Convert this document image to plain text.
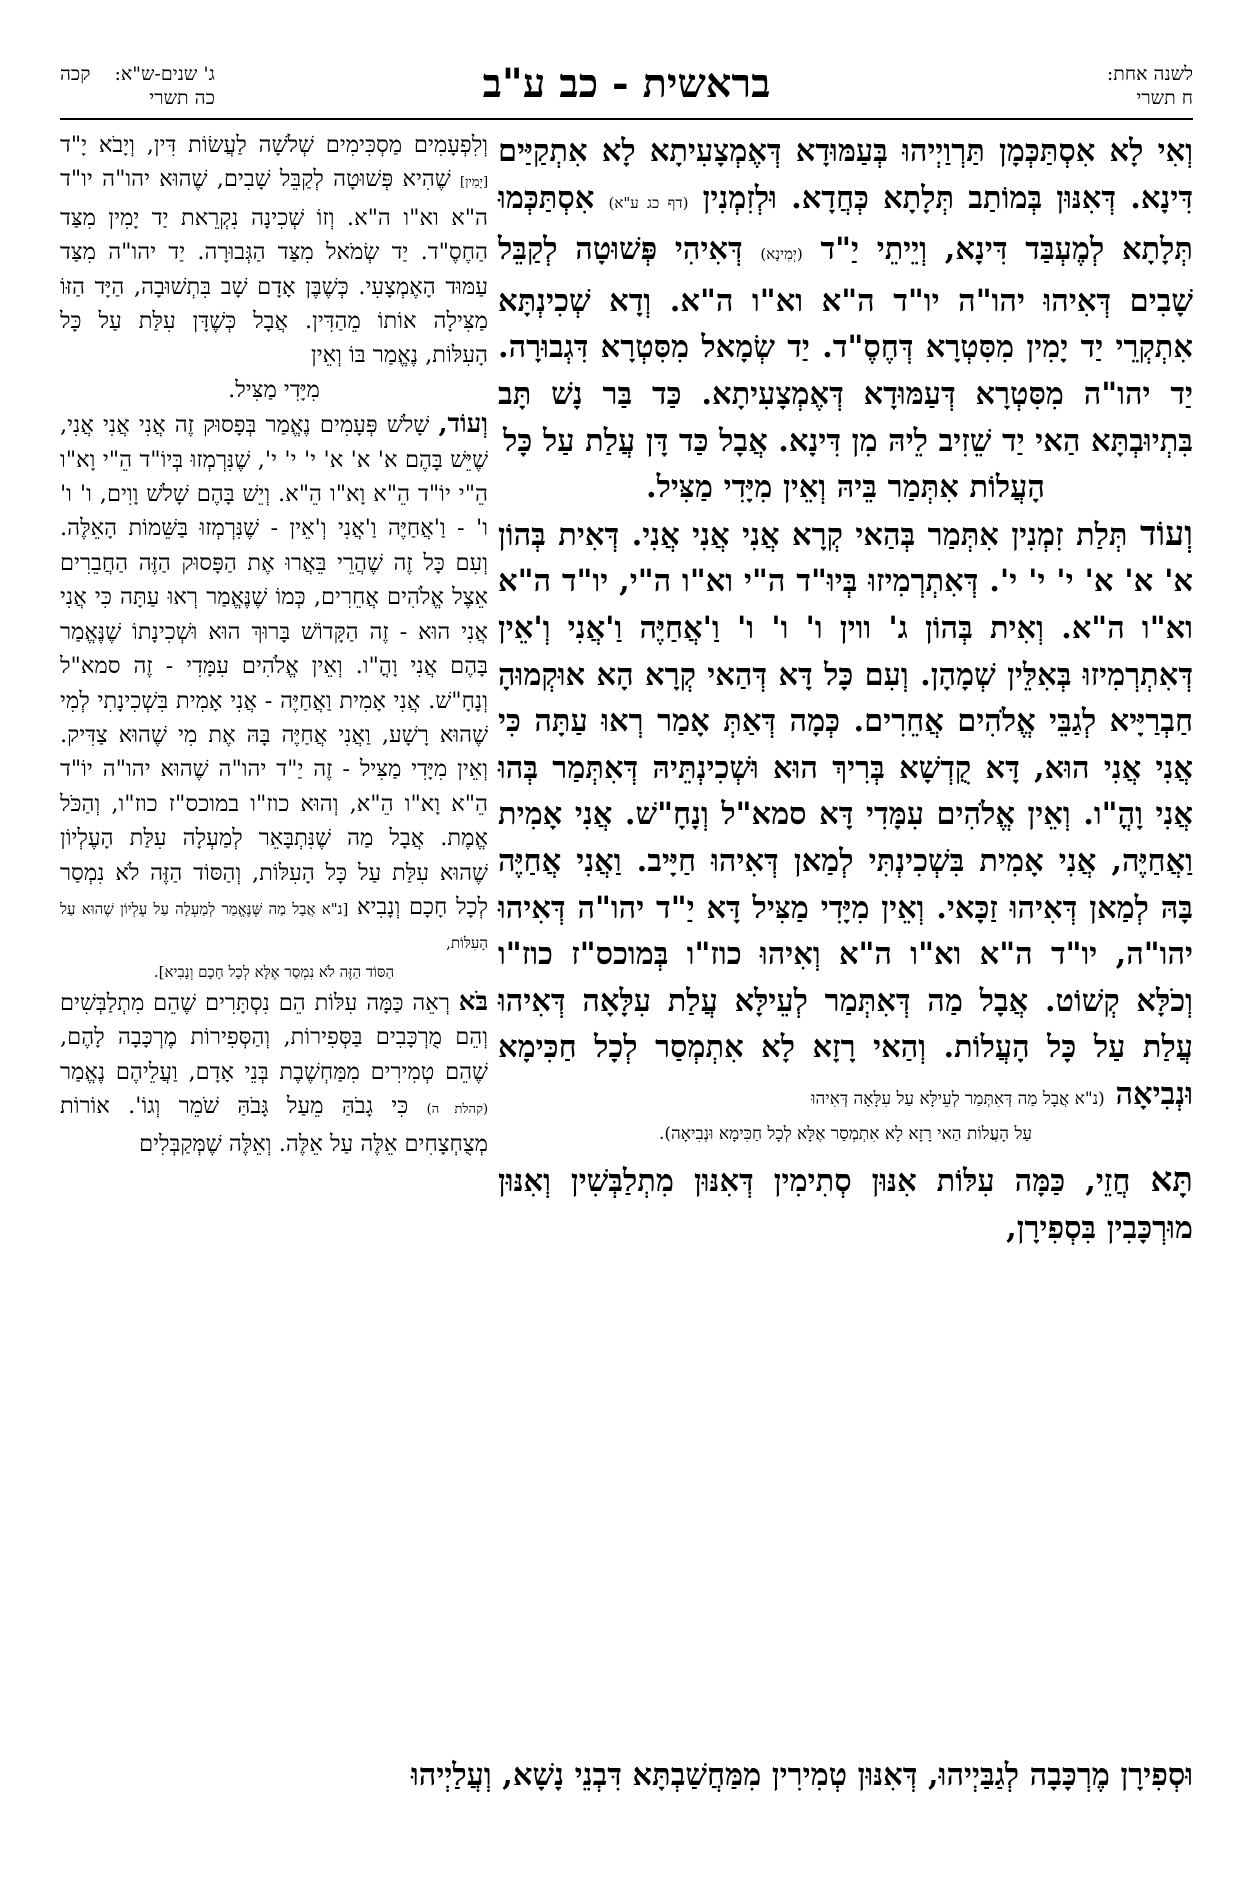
לשנה אחת:
ח תשרי
בראשית - כב ע"ב
ג' שנים-ש"א: קכה
כה תשרי

וְאִי לָא אִסְתַּכְּמָן תַּרְוַיְיהוּ בְּעַמּוּדָא דְּאֶמְצָעִיתָא לָא אִתְקַיַּים דִּינָא. דְּאִנּוּן בְּמוֹתַב תְּלָתָא כְּחֲדָא. וּלְזִמְנִין (דף כג ע"א) אִסְתַּכְּמוּ תְּלָתָא לְמֶעְבַּד דִּינָא, וְיֵיתֵי יַ"ד (יְמִינָא) דְּאִיהִי פְּשׁוּטָה לְקַבֵּל שָׁבִים דְּאִיהוּ יהו"ה יו"ד ה"א וא"ו ה"א. וְדָא שְׁכִינְתָּא אִתְקְרֵי יַד יָמִין מִסִּטְרָא דְּחֶסֶ"ד. יַד שְׂמָאל מִסִּטְרָא דִּגְבוּרָה. יַד יהו"ה מִסִּטְרָא דְּעַמּוּדָא דְּאֶמְצָעִיתָא. כַּד בַּר נָשׁ תָּב בִּתְיוּבְתָּא הַאי יַד שֵׁזִיב לֵיהּ מִן דִּינָא. אֲבָל כַּד דָּן עֲלַת עַל כָּל

הָעֲלוֹת אִתְּמַר בֵּיהּ וְאֵין מִיָּדִי מַצִּיל.

וְעוֹד תְּלַת זִמְנִין אִתְּמַר בְּהַאי קְרָא אֲנִי אֲנִי אֲנִי. דְּאִית בְּהוֹן א' א' א' י' י' י'. דְּאִתְרְמִיזוּ בְּיוּ"ד ה"י וא"ו ה"י, יו"ד ה"א וא"ו ה"א. וְאִית בְּהוֹן ג' ווין ו' ו' ו' וַ'אֲחַיֶּה וַ'אֲנִי וְ'אֵין דְּאִתְרְמִיזוּ בְּאִלֵּין שְׁמָהָן. וְעִם כָּל דָּא דְּהַאי קְרָא הָא אוּקְמוּהָ חַבְרַיָּיא לְגַבֵּי אֱלֹהִים אֲחֵרִים. כְּמָה דְּאַתְּ אָמַר רְאוּ עַתָּה כִּי אֲנִי אֲנִי הוּא, דָּא קֻדְשָׁא בְּרִיךְ הוּא וּשְׁכִינְתֵּיהּ דְּאִתְּמַר בְּהוּ אֲנִי וָהֳ"ו. וְאֵין אֱלֹהִים עִמָּדִי דָּא סמא"ל וְנָחָ"שׁ. אֲנִי אָמִית וַאֲחַיֶּה, אֲנִי אָמִית בִּשְׁכִינְתִּי לְמַאן דְּאִיהוּ חַיָּיב. וַאֲנִי אֲחַיֶּה בָּהּ לְמַאן דְּאִיהוּ זַכָּאי. וְאֵין מִיָּדִי מַצִּיל דָּא יַ"ד יהו"ה דְּאִיהוּ יהו"ה, יו"ד ה"א וא"ו ה"א וְאִיהוּ כוז"ו בְּמוכס"ז כוז"ו וְכֹלָּא קְשׁוֹט. אֲבָל מַה דְּאִתְּמַר לְעֵילָּא עֲלַת עִלָּאָה דְּאִיהוּ עֲלַת עַל כָּל הָעֲלוֹת. וְהַאי רָזָא לָא אִתְמְסַר לְכָל חַכִּימָא וּנְבִיאָה (נ"א אֲבָל מַה דְּאִתְּמַר לְעֵילָּא עַל עִלָּאָה דְּאִיהוּ

עַל הָעֲלוֹת הַאי רָזָא לָא אִתְמְסַר אֶלָּא לְכָל חַכִּימָא וּנְבִיאָה).

תָּא חֲזֵי, כַּמָּה עִלּוֹת אִנּוּן סְתִימִין דְּאִנּוּן מִתְלַבְּשִׁין וְאִנּוּן מוּרְכָּבִין בִּסְפִירָן,

וְלִפְעָמִים מַסְכִּימִים שְׁלֹשָׁה לַעֲשׂוֹת דִּין, וְיָבֹא יָ"ד [יָמִין] שֶׁהִיא פְּשׁוּטָה לְקַבֵּל שָׁבִים, שֶׁהוּא יהו"ה יו"ד ה"א וא"ו ה"א. וְזוֹ שְׁכִינָה נִקְרֵאת יַד יָמִין מִצַּד הַחֶסֶ"ד. יַד שְׂמֹאל מִצַּד הַגְּבוּרָה. יַד יהו"ה מִצַּד עַמּוּד הָאֶמְצָעִי. כְּשֶׁבֶּן אָדָם שָׁב בִּתְשׁוּבָה, הַיָּד הַזּוֹ מַצִּילָה אוֹתוֹ מֵהַדִּין. אֲבָל כְּשֶׁדָּן עִלַּת עַל כָּל הָעִלּוֹת, נֶאֱמַר בּוֹ וְאֵין

מִיָּדִי מַצִּיל.

וְעוֹד, שָׁלֹשׁ פְּעָמִים נֶאֱמַר בְּפָסוּק זֶה אֲנִי אֲנִי אֲנִי, שֶׁיֵּשׁ בָּהֶם א' א' א' י' י' י', שֶׁנִּרְמְזוּ בְּיוֹ"ד הֵ"י וָא"ו הֵ"י יוֹ"ד הֵ"א וָא"ו הֵ"א. וְיֵשׁ בָּהֶם שָׁלֹשׁ וָוִים, ו' ו' ו' - וַ'אֲחַיֶּה וַ'אֲנִי וְ'אֵין - שֶׁנִּרְמְזוּ בַּשֵּׁמוֹת הָאֵלֶּה. וְעִם כָּל זֶה שֶׁהֲרֵי בֵּאֲרוּ אֶת הַפָּסוּק הַזֶּה הַחֲבֵרִים אֵצֶל אֱלֹהִים אֲחֵרִים, כְּמוֹ שֶׁנֶּאֱמַר רְאוּ עַתָּה כִּי אֲנִי אֲנִי הוּא - זֶה הַקָּדוֹשׁ בָּרוּךְ הוּא וּשְׁכִינָתוֹ שֶׁנֶּאֱמַר בָּהֶם אֲנִי וָהֳ"ו. וְאֵין אֱלֹהִים עִמָּדִי - זֶה סמא"ל וְנָחָ"שׁ. אֲנִי אָמִית וַאֲחַיֶּה - אֲנִי אָמִית בִּשְׁכִינָתִי לְמִי שֶׁהוּא רָשָׁע, וַאֲנִי אֲחַיֶּה בָּהּ אֶת מִי שֶׁהוּא צַדִּיק. וְאֵין מִיָּדִי מַצִּיל - זֶה יַ"ד יהו"ה שֶׁהוּא יהו"ה יוֹ"ד הֵ"א וָא"ו הֵ"א, וְהוּא כוז"ו במוכס"ז כוז"ו, וְהַכֹּל אֱמֶת. אֲבָל מַה שֶׁנִּתְבָּאֵר לְמַעְלָה עִלַּת הָעֶלְיוֹן שֶׁהוּא עִלַּת עַל כָּל הָעִלּוֹת, וְהַסּוֹד הַזֶּה לֹא נִמְסַר לְכָל חָכָם וְנָבִיא [נ"א אֲבָל מַה שֶּׁנֶּאֱמַר לְמַעְלָה עַל עֶלְיוֹן שֶׁהוּא עַל הָעִלּוֹת,

הַסּוֹד הַזֶּה לֹא נִמְסַר אֶלָּא לְכָל חָכָם וְנָבִיא].

בֹּא רְאֵה כַּמָּה עִלּוֹת הֵם נִסְתָּרִים שֶׁהֵם מִתְלַבְּשִׁים וְהֵם מֻרְכָּבִים בַּסְּפִירוֹת, וְהַסְּפִירוֹת מֶרְכָּבָה לָהֶם, שֶׁהֵם טְמִירִים מִמַּחְשֶׁבֶת בְּנֵי אָדָם, וַעֲלֵיהֶם נֶאֱמַר (קהלת ה) כִּי גָבֹהַּ מֵעַל גָּבֹהַּ שֹׁמֵר וְגוֹ'. אוֹרוֹת מְצֻחְצָחִים אֵלֶּה עַל אֵלֶּה. וְאֵלֶּה שֶׁמְּקַבְּלִים

וּסְפִירָן מֶרְכָּבָה לְגַבַּיְיהוּ, דְּאִנּוּן טְמִירִין מִמַּחֲשַׁבְתָּא דִּבְנֵי נָשָׁא, וְעֲלַיְיהוּ
